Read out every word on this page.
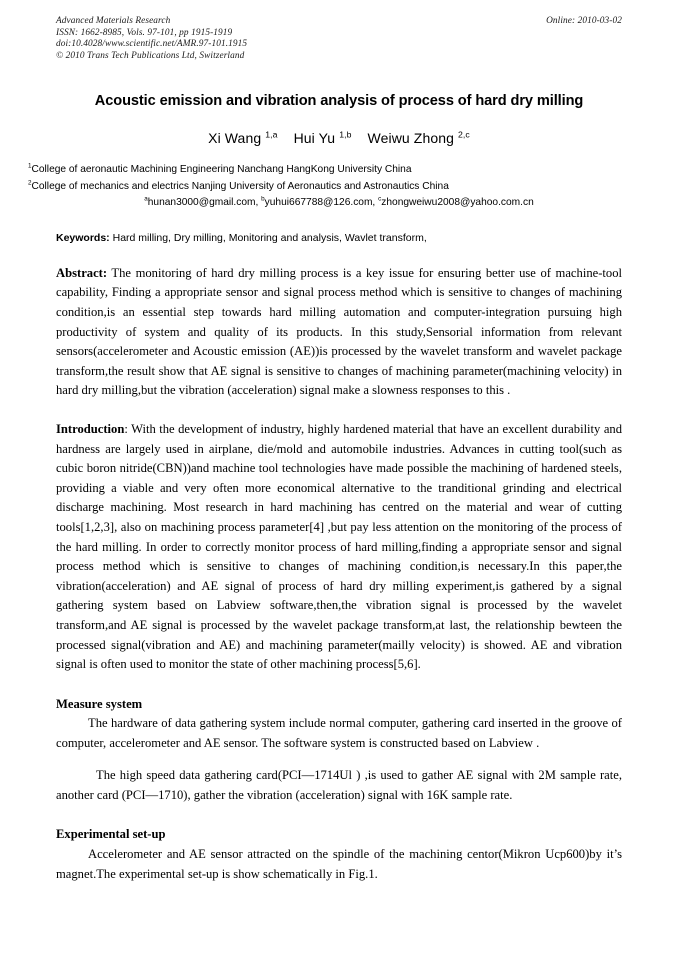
Advanced Materials Research
ISSN: 1662-8985, Vols. 97-101, pp 1915-1919
doi:10.4028/www.scientific.net/AMR.97-101.1915
© 2010 Trans Tech Publications Ltd, Switzerland
Online: 2010-03-02
Acoustic emission and vibration analysis of process of hard dry milling
Xi Wang $^{1,a}$ Hui Yu $^{1,b}$ Weiwu Zhong $^{2,c}$
$^1$College of aeronautic Machining Engineering Nanchang HangKong University China
$^2$College of mechanics and electrics Nanjing University of Aeronautics and Astronautics China
$^a$hunan3000@gmail.com, $^b$yuhui667788@126.com, $^c$zhongweiwu2008@yahoo.com.cn
Keywords: Hard milling, Dry milling, Monitoring and analysis, Wavlet transform,

Abstract: The monitoring of hard dry milling process is a key issue for ensuring better use of machine-tool capability, Finding a appropriate sensor and signal process method which is sensitive to changes of machining condition,is an essential step towards hard milling automation and computer-integration pursuing high productivity of system and quality of its products. In this study,Sensorial information from relevant sensors(accelerometer and Acoustic emission (AE))is processed by the wavelet transform and wavelet package transform,the result show that AE signal is sensitive to changes of machining parameter(machining velocity) in hard dry milling,but the vibration (acceleration) signal make a slowness responses to this .

Introduction: With the development of industry, highly hardened material that have an excellent durability and hardness are largely used in airplane, die/mold and automobile industries. Advances in cutting tool(such as cubic boron nitride(CBN))and machine tool technologies have made possible the machining of hardened steels, providing a viable and very often more economical alternative to the tranditional grinding and electrical discharge machining. Most research in hard machining has centred on the material and wear of cutting tools[1,2,3], also on machining process parameter[4] ,but pay less attention on the monitoring of the process of the hard milling. In order to correctly monitor process of hard milling,finding a appropriate sensor and signal process method which is sensitive to changes of machining condition,is necessary.In this paper,the vibration(acceleration) and AE signal of process of hard dry milling experiment,is gathered by a signal gathering system based on Labview software,then,the vibration signal is processed by the wavelet transform,and AE signal is processed by the wavelet package transform,at last, the relationship bewteen the processed signal(vibration and AE) and machining parameter(mailly velocity) is showed. AE and vibration signal is often used to monitor the state of other machining process[5,6].

Measure system

The hardware of data gathering system include normal computer, gathering card inserted in the groove of computer, accelerometer and AE sensor. The software system is constructed based on Labview .

The high speed data gathering card(PCI—1714Ul ) ,is used to gather AE signal with 2M sample rate, another card (PCI—1710), gather the vibration (acceleration) signal with 16K sample rate.

Experimental set-up

Accelerometer and AE sensor attracted on the spindle of the machining centor(Mikron Ucp600)by it’s magnet.The experimental set-up is show schematically in Fig.1.
